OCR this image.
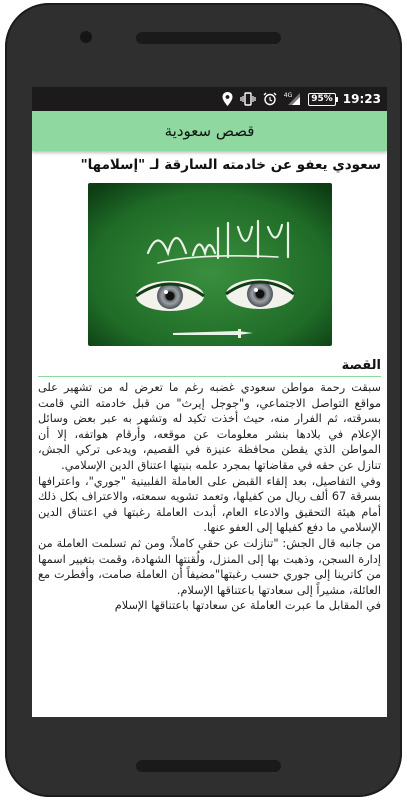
4G	95% 19:23
قصص سعودية
سعودي يعفو عن خادمته السارقة لـ "إسلامها"
القصة

سبقت رحمة مواطن سعودي غضبه رغم ما تعرض له من تشهير على مواقع التواصل الاجتماعي، و"جوجل إيرث" من قبل خادمته التي قامت بسرقته، ثم الفرار منه، حيث أخذت تكيد له وتشهر به عبر بعض وسائل الإعلام في بلادها بنشر معلومات عن موقعه، وأرقام هواتفه، إلا أن المواطن الذي يقطن محافظة عنيزة في القصيم، ويدعى تركي الجش، تنازل عن حقه في مقاضاتها بمجرد علمه بنيتها اعتناق الدين الإسلامي.

وفي التفاصيل، بعد إلقاء القبض على العاملة الفلبينية "جوري"، واعترافها بسرقة 67 ألف ريال من كفيلها، وتعمد تشويه سمعته، والاعتراف بكل ذلك أمام هيئة التحقيق والادعاء العام، أبدت العاملة رغبتها في اعتناق الدين الإسلامي ما دفع كفيلها إلى العفو عنها.

من جانبه قال الجش: "تنازلت عن حقي كاملاً، ومن ثم تسلمت العاملة من إدارة السجن، وذهبت بها إلى المنزل، ولُقنتها الشهادة، وقمت بتغيير اسمها من كاترينا إلى جوري حسب رغبتها"مضيفاً أن العاملة صامت، وأفطرت مع العائلة، مشيراً إلى سعادتها باعتناقها الإسلام.

في المقابل ما عبرت العاملة عن سعادتها باعتناقها الإسلام
